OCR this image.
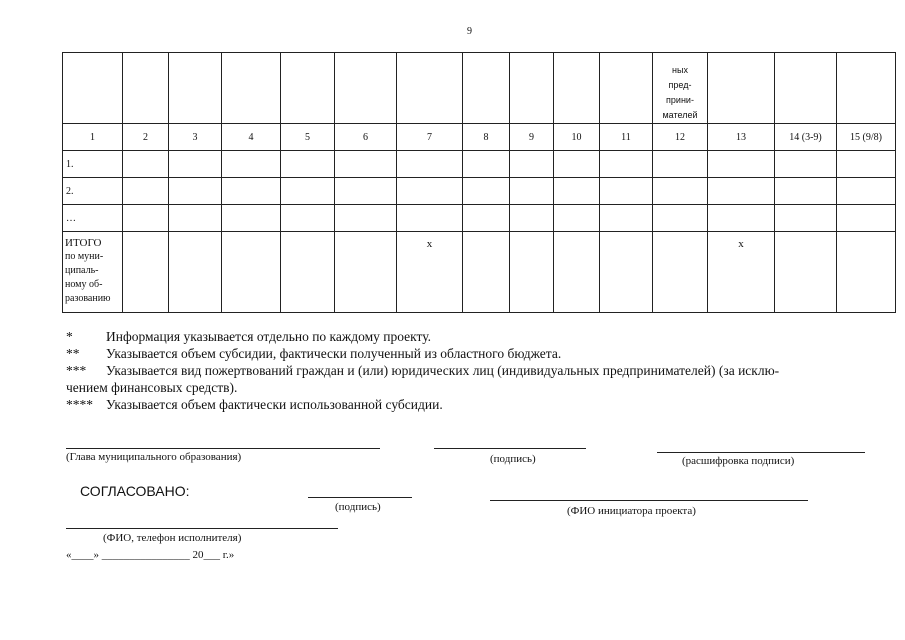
9

											ных
пред-
прини-
мателей			

1	2	3	4	5	6	7	8	9	10	11	12	13	14 (3-9)	15 (9/8)
1.														
2.														
…														

ИТОГО
по муни-
ципаль-
ному об-
разованию						x						x		
* Информация указывается отдельно по каждому проекту.
** Указывается объем субсидии, фактически полученный из областного бюджета.
*** Указывается вид пожертвований граждан и (или) юридических лиц (индивидуальных предпринимателей) (за исклю-
чением финансовых средств).
**** Указывается объем фактически использованной субсидии.
(Глава муниципального образования)	(подпись)	(расшифровка подписи)
СОГЛАСОВАНО:
(подпись)	(ФИО инициатора проекта)
(ФИО, телефон исполнителя)
«____» ________________ 20___ г.»
